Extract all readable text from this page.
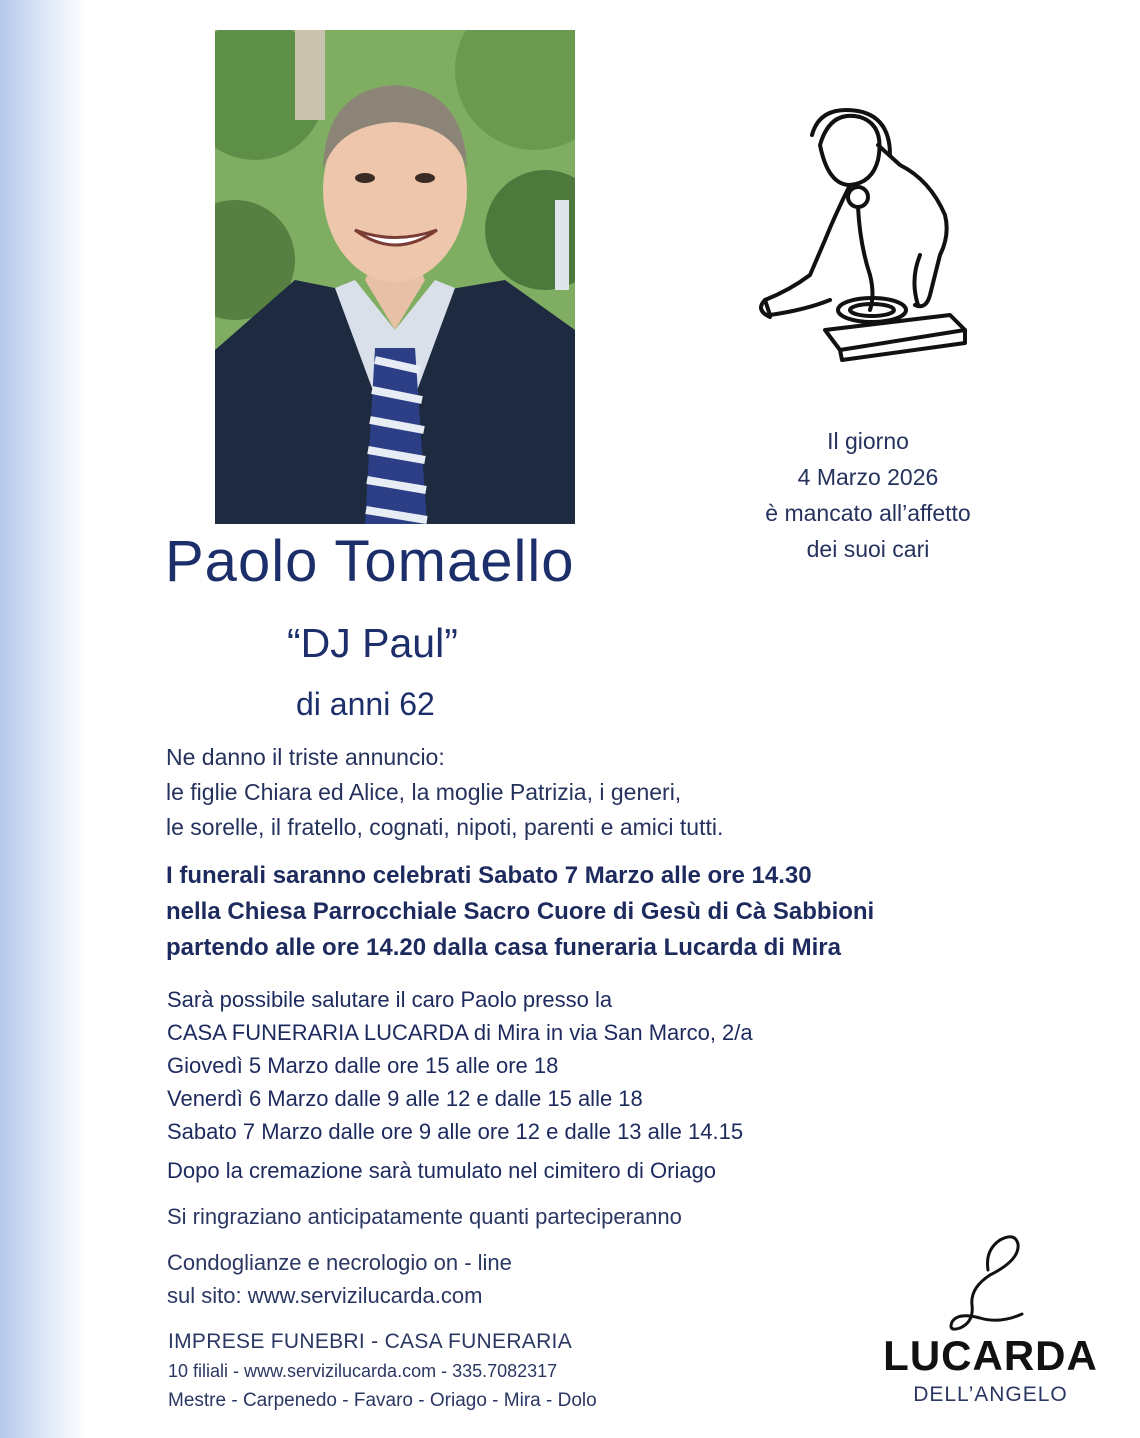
Il giorno
4 Marzo 2026
è mancato all’affetto
dei suoi cari
Paolo Tomaello
“DJ Paul”
di anni 62
Ne danno il triste annuncio:
le figlie Chiara ed Alice, la moglie Patrizia, i generi,
le sorelle, il fratello, cognati, nipoti, parenti e amici tutti.
I funerali saranno celebrati Sabato 7 Marzo alle ore 14.30
nella Chiesa Parrocchiale Sacro Cuore di Gesù di Cà Sabbioni
partendo alle ore 14.20 dalla casa funeraria Lucarda di Mira
Sarà possibile salutare il caro Paolo presso la
CASA FUNERARIA LUCARDA di Mira in via San Marco, 2/a
Giovedì 5 Marzo dalle ore 15 alle ore 18
Venerdì 6 Marzo dalle 9 alle 12 e dalle 15 alle 18
Sabato 7 Marzo dalle ore 9 alle ore 12 e dalle 13 alle 14.15
Dopo la cremazione sarà tumulato nel cimitero di Oriago
Si ringraziano anticipatamente quanti parteciperanno
Condoglianze e necrologio on - line
sul sito: www.servizilucarda.com
IMPRESE FUNEBRI - CASA FUNERARIA
10 filiali - www.servizilucarda.com - 335.7082317
Mestre - Carpenedo - Favaro - Oriago - Mira - Dolo
LUCARDA
DELL’ANGELO
